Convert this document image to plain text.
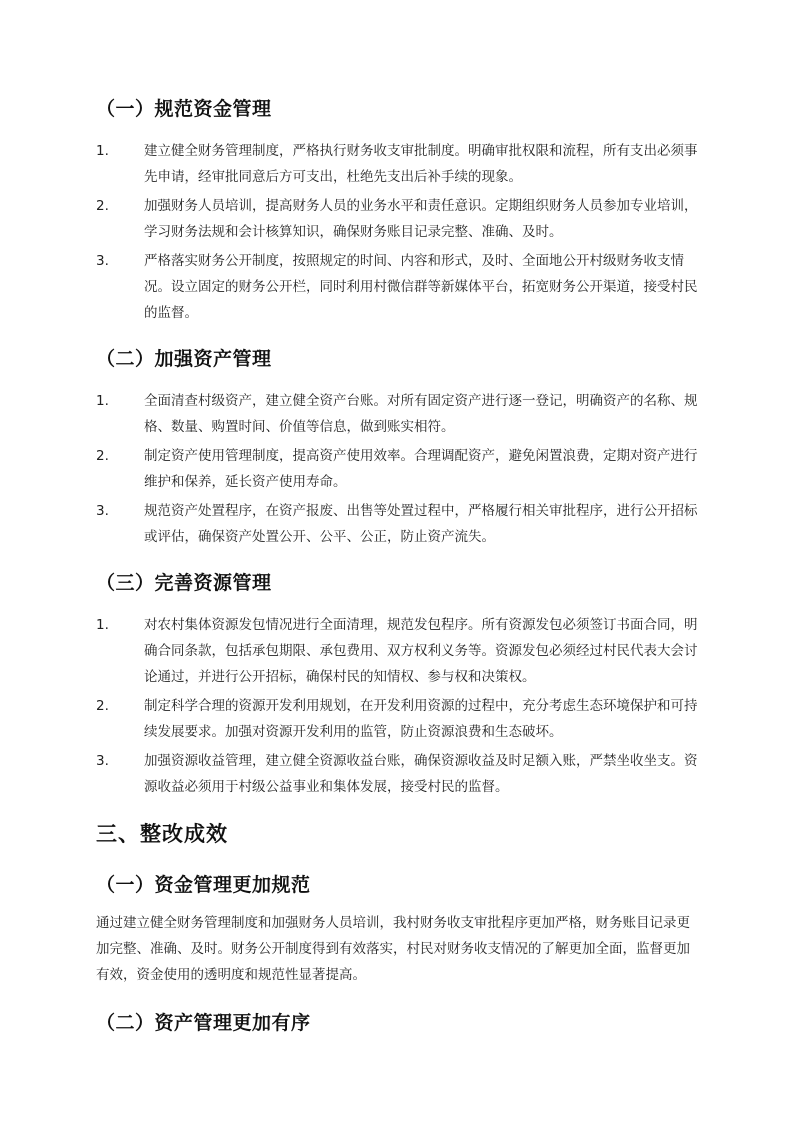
（一）规范资金管理
1.	建立健全财务管理制度，严格执行财务收支审批制度。明确审批权限和流程，所有支出必须事先申请，经审批同意后方可支出，杜绝先支出后补手续的现象。
2.	加强财务人员培训，提高财务人员的业务水平和责任意识。定期组织财务人员参加专业培训，学习财务法规和会计核算知识，确保财务账目记录完整、准确、及时。
3.	严格落实财务公开制度，按照规定的时间、内容和形式，及时、全面地公开村级财务收支情况。设立固定的财务公开栏，同时利用村微信群等新媒体平台，拓宽财务公开渠道，接受村民的监督。
（二）加强资产管理
1.	全面清查村级资产，建立健全资产台账。对所有固定资产进行逐一登记，明确资产的名称、规格、数量、购置时间、价值等信息，做到账实相符。
2.	制定资产使用管理制度，提高资产使用效率。合理调配资产，避免闲置浪费，定期对资产进行维护和保养，延长资产使用寿命。
3.	规范资产处置程序，在资产报废、出售等处置过程中，严格履行相关审批程序，进行公开招标或评估，确保资产处置公开、公平、公正，防止资产流失。
（三）完善资源管理
1.	对农村集体资源发包情况进行全面清理，规范发包程序。所有资源发包必须签订书面合同，明确合同条款，包括承包期限、承包费用、双方权利义务等。资源发包必须经过村民代表大会讨论通过，并进行公开招标，确保村民的知情权、参与权和决策权。
2.	制定科学合理的资源开发利用规划，在开发利用资源的过程中，充分考虑生态环境保护和可持续发展要求。加强对资源开发利用的监管，防止资源浪费和生态破坏。
3.	加强资源收益管理，建立健全资源收益台账，确保资源收益及时足额入账，严禁坐收坐支。资源收益必须用于村级公益事业和集体发展，接受村民的监督。
三、整改成效
（一）资金管理更加规范

通过建立健全财务管理制度和加强财务人员培训，我村财务收支审批程序更加严格，财务账目记录更加完整、准确、及时。财务公开制度得到有效落实，村民对财务收支情况的了解更加全面，监督更加有效，资金使用的透明度和规范性显著提高。

（二）资产管理更加有序
